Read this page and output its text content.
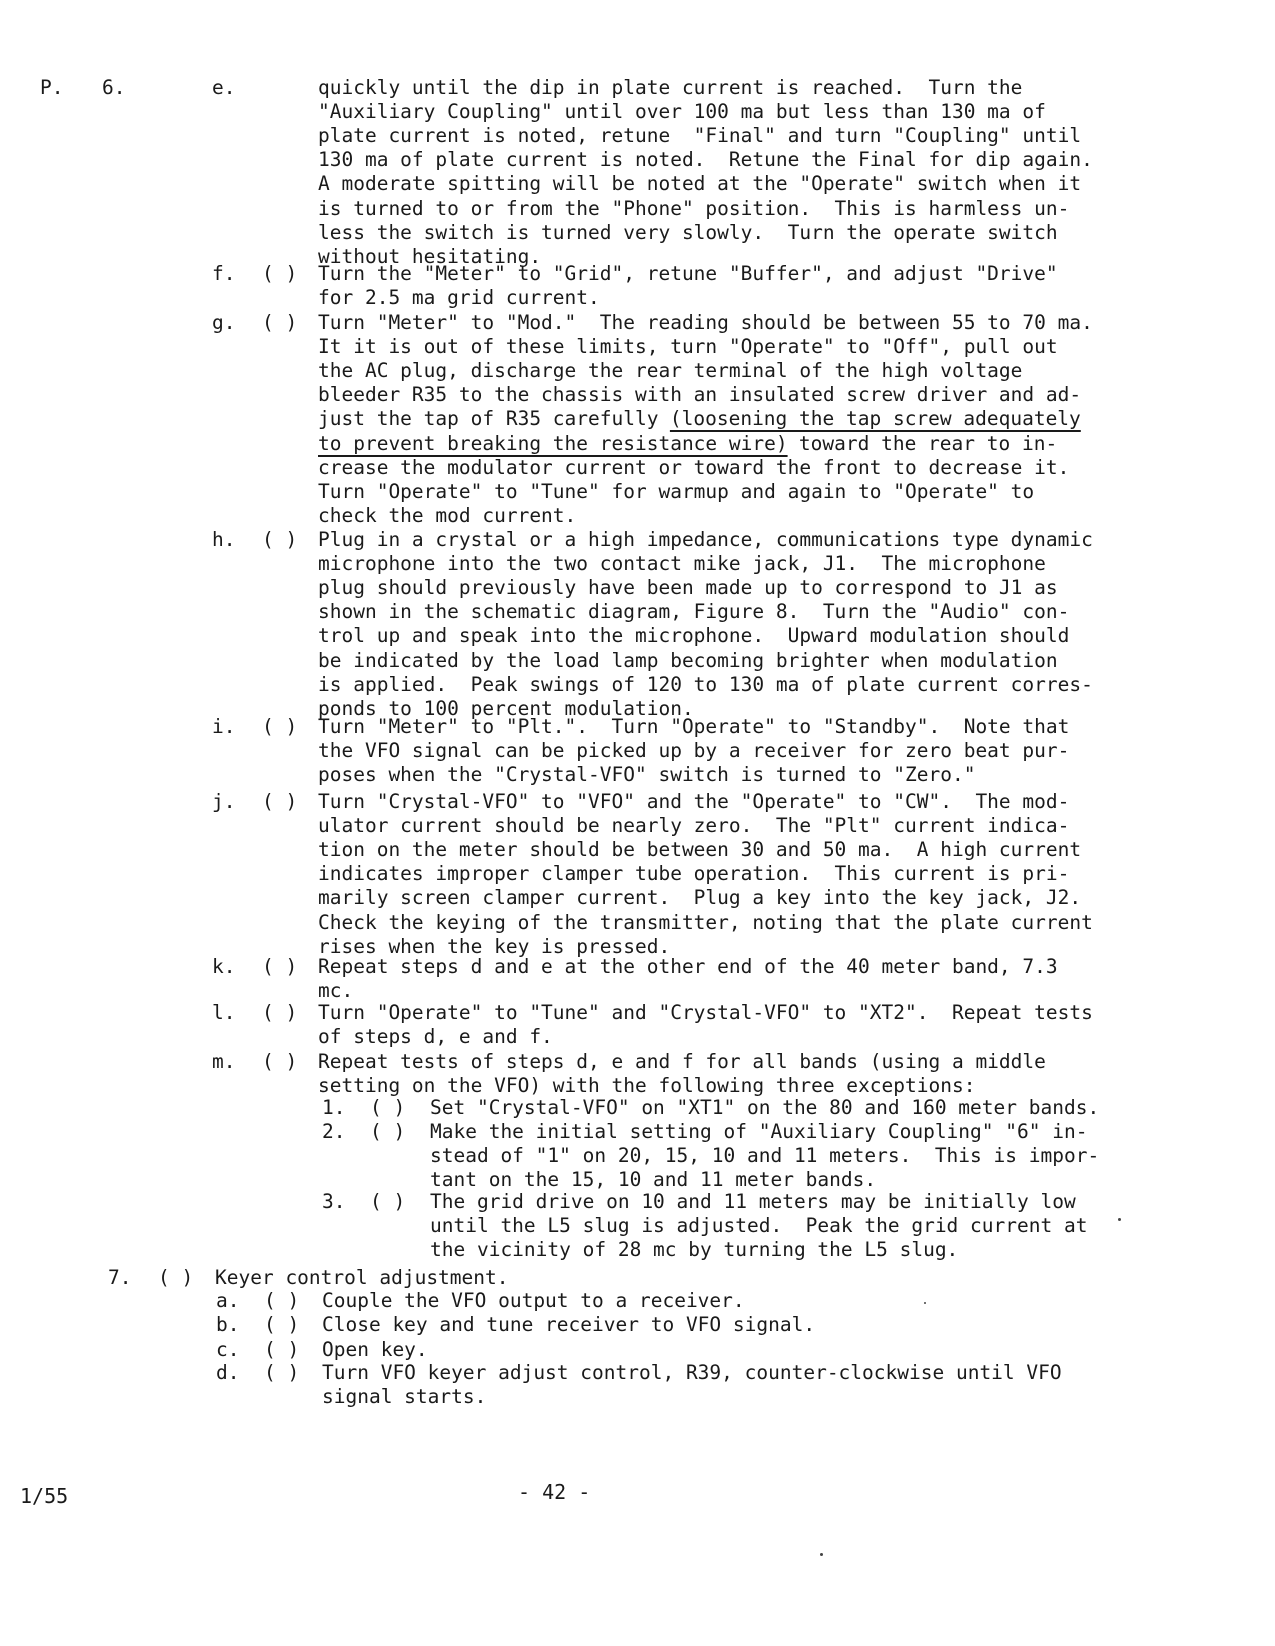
P. 6.	e.	quickly until the dip in plate current is reached.  Turn the
"Auxiliary Coupling" until over 100 ma but less than 130 ma of
plate current is noted, retune  "Final" and turn "Coupling" until
130 ma of plate current is noted.  Retune the Final for dip again.
A moderate spitting will be noted at the "Operate" switch when it
is turned to or from the "Phone" position.  This is harmless un-
less the switch is turned very slowly.  Turn the operate switch
without hesitating.
f. ( ) Turn the "Meter" to "Grid", retune "Buffer", and adjust "Drive"
for 2.5 ma grid current.
g. ( ) Turn "Meter" to "Mod."  The reading should be between 55 to 70 ma.
It it is out of these limits, turn "Operate" to "Off", pull out
the AC plug, discharge the rear terminal of the high voltage
bleeder R35 to the chassis with an insulated screw driver and ad-
just the tap of R35 carefully (loosening the tap screw adequately
toward the rear to in-
to prevent breaking the resistance wire)
crease the modulator current or toward the front to decrease it.
Turn "Operate" to "Tune" for warmup and again to "Operate" to
check the mod current.
h. ( ) Plug in a crystal or a high impedance, communications type dynamic
microphone into the two contact mike jack, J1.  The microphone
plug should previously have been made up to correspond to J1 as
shown in the schematic diagram, Figure 8.  Turn the "Audio" con-
trol up and speak into the microphone.  Upward modulation should
be indicated by the load lamp becoming brighter when modulation
is applied.  Peak swings of 120 to 130 ma of plate current corres-
ponds to 100 percent modulation.
i. ( ) Turn "Meter" to "Plt.".  Turn "Operate" to "Standby".  Note that
the VFO signal can be picked up by a receiver for zero beat pur-
poses when the "Crystal-VFO" switch is turned to "Zero."
j. ( ) Turn "Crystal-VFO" to "VFO" and the "Operate" to "CW".  The mod-
ulator current should be nearly zero.  The "Plt" current indica-
tion on the meter should be between 30 and 50 ma.  A high current
indicates improper clamper tube operation.  This current is pri-
marily screen clamper current.  Plug a key into the key jack, J2.
Check the keying of the transmitter, noting that the plate current
rises when the key is pressed.
k. ( ) Repeat steps d and e at the other end of the 40 meter band, 7.3
mc.
l. ( ) Turn "Operate" to "Tune" and "Crystal-VFO" to "XT2".  Repeat tests
of steps d, e and f.
m. ( ) Repeat tests of steps d, e and f for all bands (using a middle
setting on the VFO) with the following three exceptions:
1. ( ) Set "Crystal-VFO" on "XT1" on the 80 and 160 meter bands.
2. ( ) Make the initial setting of "Auxiliary Coupling" "6" in-
stead of "1" on 20, 15, 10 and 11 meters.  This is impor-
tant on the 15, 10 and 11 meter bands.
3. ( ) The grid drive on 10 and 11 meters may be initially low
until the L5 slug is adjusted.  Peak the grid current at
the vicinity of 28 mc by turning the L5 slug.
7. ( ) Keyer control adjustment.
a. ( ) Couple the VFO output to a receiver.
b. ( ) Close key and tune receiver to VFO signal.
c. ( ) Open key.
d. ( ) Turn VFO keyer adjust control, R39, counter-clockwise until VFO
signal starts.
1/55	- 42 -
